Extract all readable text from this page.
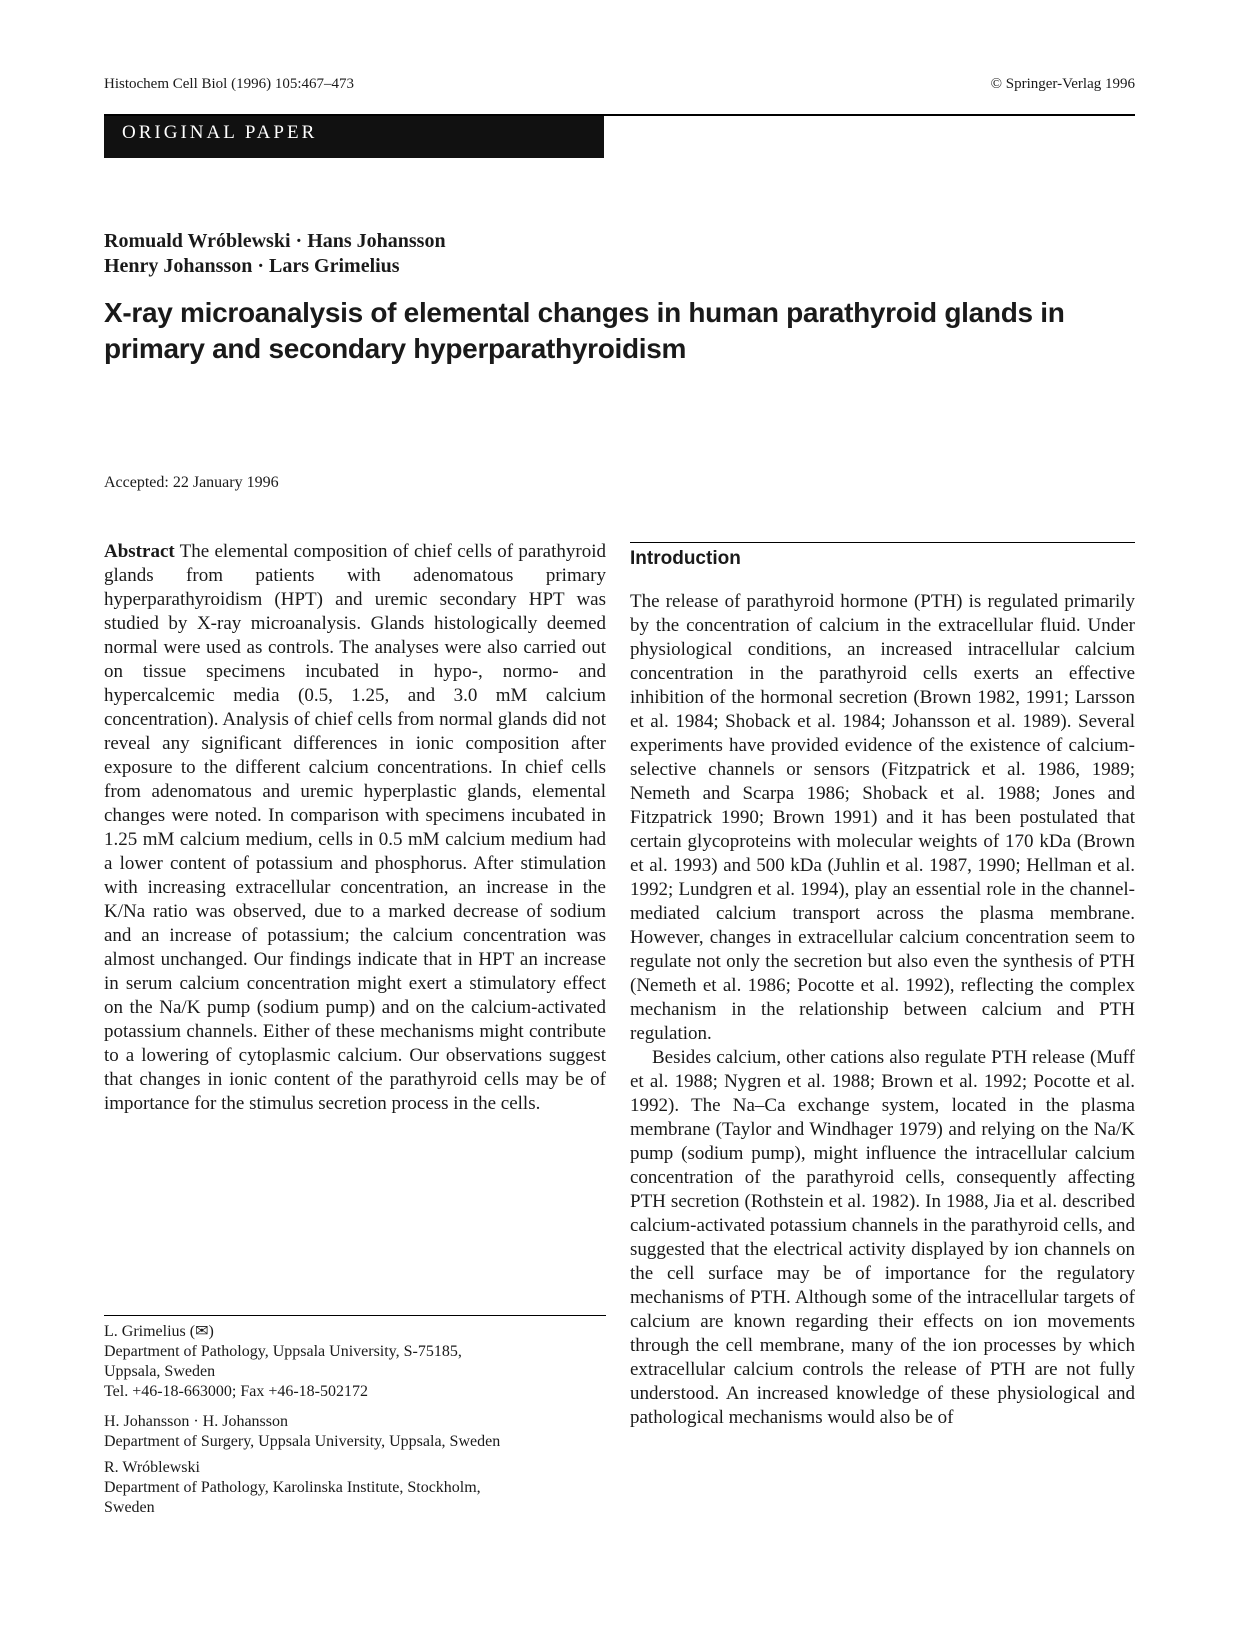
Histochem Cell Biol (1996) 105:467–473	© Springer-Verlag 1996
ORIGINAL PAPER
Romuald Wróblewski · Hans Johansson
Henry Johansson · Lars Grimelius
X-ray microanalysis of elemental changes in human parathyroid glands in primary and secondary hyperparathyroidism
Accepted: 22 January 1996

Abstract The elemental composition of chief cells of parathyroid glands from patients with adenomatous primary hyperparathyroidism (HPT) and uremic secondary HPT was studied by X-ray microanalysis. Glands histologically deemed normal were used as controls. The analyses were also carried out on tissue specimens incubated in hypo-, normo- and hypercalcemic media (0.5, 1.25, and 3.0 mM calcium concentration). Analysis of chief cells from normal glands did not reveal any significant differences in ionic composition after exposure to the different calcium concentrations. In chief cells from adenomatous and uremic hyperplastic glands, elemental changes were noted. In comparison with specimens incubated in 1.25 mM calcium medium, cells in 0.5 mM calcium medium had a lower content of potassium and phosphorus. After stimulation with increasing extracellular concentration, an increase in the K/Na ratio was observed, due to a marked decrease of sodium and an increase of potassium; the calcium concentration was almost unchanged. Our findings indicate that in HPT an increase in serum calcium concentration might exert a stimulatory effect on the Na/K pump (sodium pump) and on the calcium-activated potassium channels. Either of these mechanisms might contribute to a lowering of cytoplasmic calcium. Our observations suggest that changes in ionic content of the parathyroid cells may be of importance for the stimulus secretion process in the cells.

L. Grimelius (✉)
Department of Pathology, Uppsala University, S-75185,
Uppsala, Sweden
Tel. +46-18-663000; Fax +46-18-502172
H. Johansson · H. Johansson
Department of Surgery, Uppsala University, Uppsala, Sweden
R. Wróblewski
Department of Pathology, Karolinska Institute, Stockholm,
Sweden
Introduction

The release of parathyroid hormone (PTH) is regulated primarily by the concentration of calcium in the extracellular fluid. Under physiological conditions, an increased intracellular calcium concentration in the parathyroid cells exerts an effective inhibition of the hormonal secretion (Brown 1982, 1991; Larsson et al. 1984; Shoback et al. 1984; Johansson et al. 1989). Several experiments have provided evidence of the existence of calcium-selective channels or sensors (Fitzpatrick et al. 1986, 1989; Nemeth and Scarpa 1986; Shoback et al. 1988; Jones and Fitzpatrick 1990; Brown 1991) and it has been postulated that certain glycoproteins with molecular weights of 170 kDa (Brown et al. 1993) and 500 kDa (Juhlin et al. 1987, 1990; Hellman et al. 1992; Lundgren et al. 1994), play an essential role in the channel-mediated calcium transport across the plasma membrane. However, changes in extracellular calcium concentration seem to regulate not only the secretion but also even the synthesis of PTH (Nemeth et al. 1986; Pocotte et al. 1992), reflecting the complex mechanism in the relationship between calcium and PTH regulation.

Besides calcium, other cations also regulate PTH release (Muff et al. 1988; Nygren et al. 1988; Brown et al. 1992; Pocotte et al. 1992). The Na–Ca exchange system, located in the plasma membrane (Taylor and Windhager 1979) and relying on the Na/K pump (sodium pump), might influence the intracellular calcium concentration of the parathyroid cells, consequently affecting PTH secretion (Rothstein et al. 1982). In 1988, Jia et al. described calcium-activated potassium channels in the parathyroid cells, and suggested that the electrical activity displayed by ion channels on the cell surface may be of importance for the regulatory mechanisms of PTH. Although some of the intracellular targets of calcium are known regarding their effects on ion movements through the cell membrane, many of the ion processes by which extracellular calcium controls the release of PTH are not fully understood. An increased knowledge of these physiological and pathological mechanisms would also be of
